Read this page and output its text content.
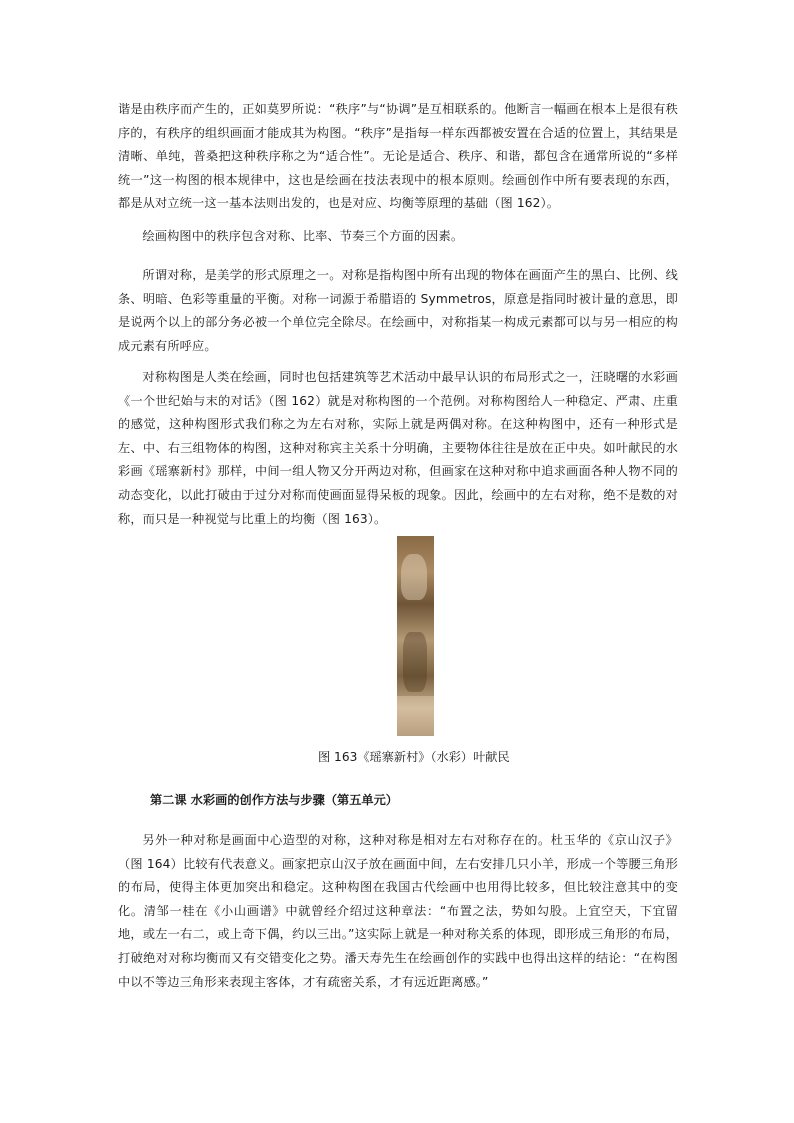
谐是由秩序而产生的，正如莫罗所说：“秩序”与“协调”是互相联系的。他断言一幅画在根本上是很有秩序的，有秩序的组织画面才能成其为构图。“秩序”是指每一样东西都被安置在合适的位置上，其结果是清晰、单纯，普桑把这种秩序称之为“适合性”。无论是适合、秩序、和谐，都包含在通常所说的“多样统一”这一构图的根本规律中，这也是绘画在技法表现中的根本原则。绘画创作中所有要表现的东西，都是从对立统一这一基本法则出发的，也是对应、均衡等原理的基础（图 162）。

绘画构图中的秩序包含对称、比率、节奏三个方面的因素。

所谓对称，是美学的形式原理之一。对称是指构图中所有出现的物体在画面产生的黑白、比例、线条、明暗、色彩等重量的平衡。对称一词源于希腊语的 Symmetros，原意是指同时被计量的意思，即是说两个以上的部分务必被一个单位完全除尽。在绘画中，对称指某一构成元素都可以与另一相应的构成元素有所呼应。

对称构图是人类在绘画，同时也包括建筑等艺术活动中最早认识的布局形式之一，汪晓曙的水彩画《一个世纪始与末的对话》（图 162）就是对称构图的一个范例。对称构图给人一种稳定、严肃、庄重的感觉，这种构图形式我们称之为左右对称，实际上就是两偶对称。在这种构图中，还有一种形式是左、中、右三组物体的构图，这种对称宾主关系十分明确，主要物体往往是放在正中央。如叶献民的水彩画《瑶寨新村》那样，中间一组人物又分开两边对称，但画家在这种对称中追求画面各种人物不同的动态变化，以此打破由于过分对称而使画面显得呆板的现象。因此，绘画中的左右对称，绝不是数的对称，而只是一种视觉与比重上的均衡（图 163）。

图 163《瑶寨新村》（水彩）叶献民

第二课 水彩画的创作方法与步骤（第五单元）

另外一种对称是画面中心造型的对称，这种对称是相对左右对称存在的。杜玉华的《京山汉子》（图 164）比较有代表意义。画家把京山汉子放在画面中间，左右安排几只小羊，形成一个等腰三角形的布局，使得主体更加突出和稳定。这种构图在我国古代绘画中也用得比较多，但比较注意其中的变化。清邹一桂在《小山画谱》中就曾经介绍过这种章法：“布置之法，势如勾股。上宜空天，下宜留地，或左一右二，或上奇下偶，约以三出。”这实际上就是一种对称关系的体现，即形成三角形的布局，打破绝对对称均衡而又有交错变化之势。潘天寿先生在绘画创作的实践中也得出这样的结论：“在构图中以不等边三角形来表现主客体，才有疏密关系，才有远近距离感。”
